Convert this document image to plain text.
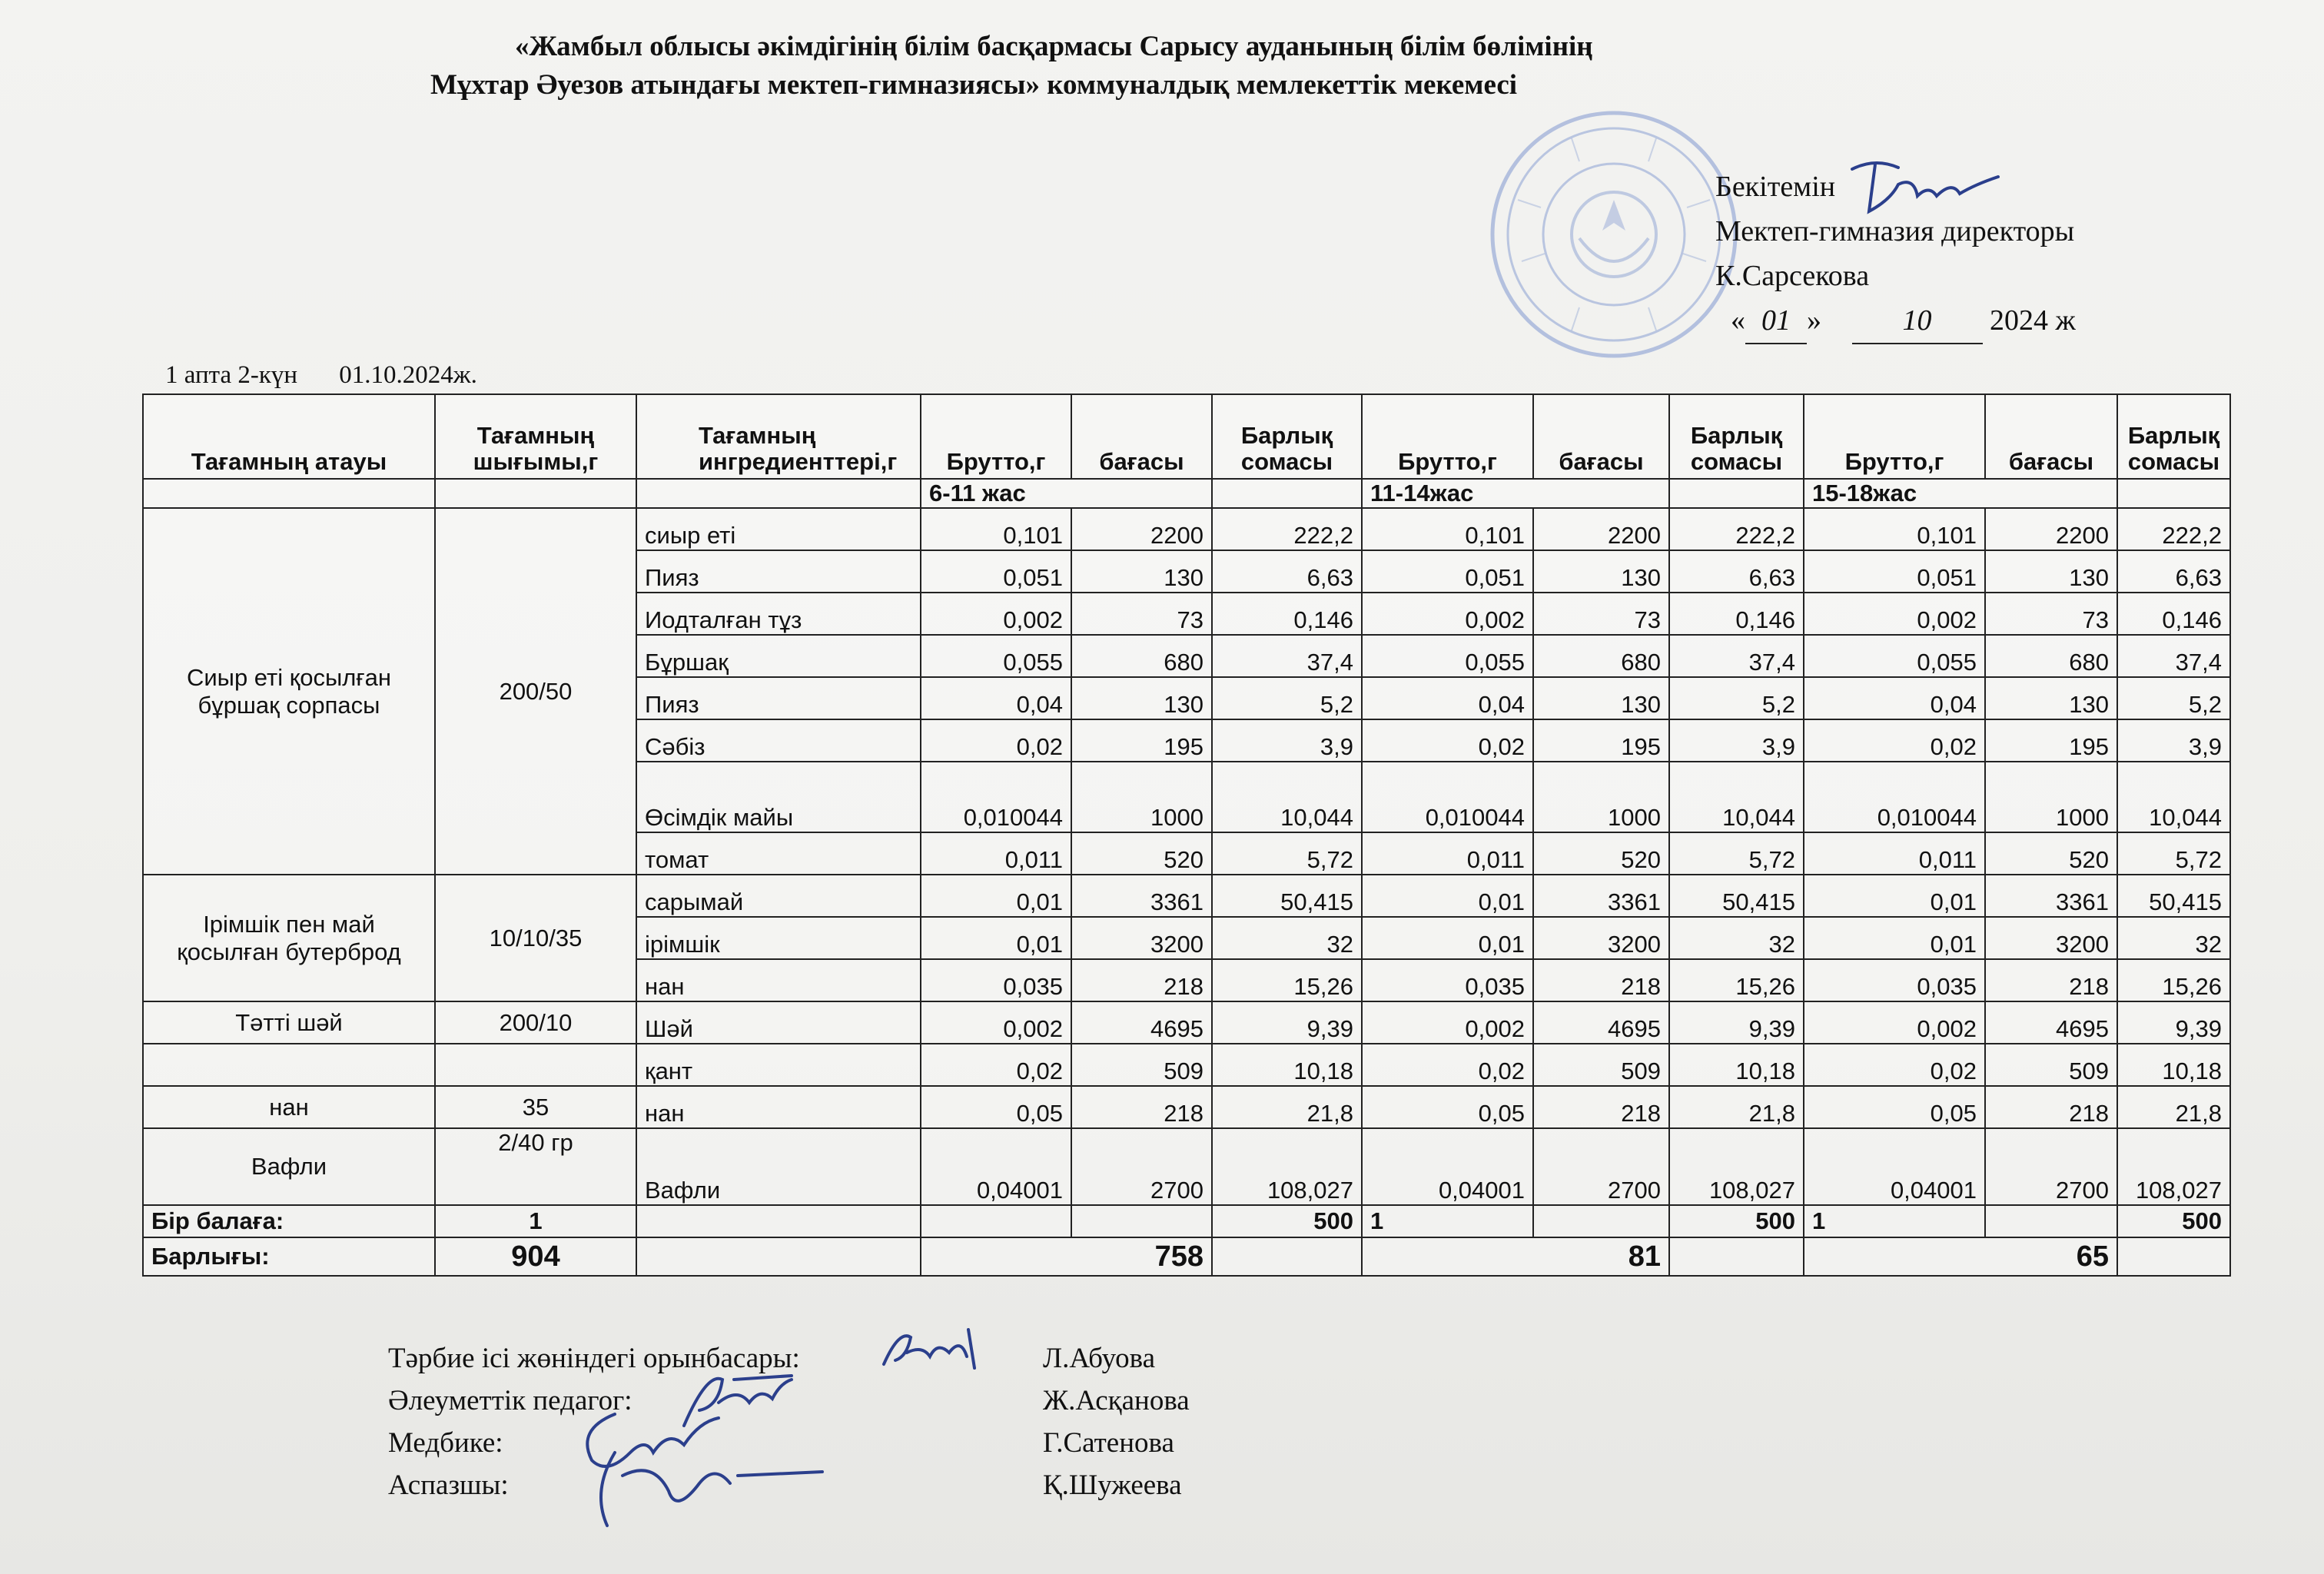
«Жамбыл облысы әкімдігінің білім басқармасы Сарысу ауданының білім бөлімінің
Мұхтар Әуезов атындағы мектеп-гимназиясы» коммуналдық мемлекеттік мекемесі
Бекітемін
Мектеп-гимназия директоры
К.Сарсекова
« 01 »	10 2024 ж
1 апта 2-күн 01.10.2024ж.
Тағамның атауы	Тағамның шығымы,г	Тағамның ингредиенттері,г	Брутто,г	бағасы	Барлық сомасы	Брутто,г	бағасы	Барлық сомасы	Брутто,г	бағасы	Барлық сомасы
			6-11 жас			11-14жас			15-18жас		
Сиыр еті қосылған бұршақ сорпасы	200/50	сиыр еті	0,101	2200	222,2	0,101	2200	222,2	0,101	2200	222,2
		Пияз	0,051	130	6,63	0,051	130	6,63	0,051	130	6,63
		Иодталған тұз	0,002	73	0,146	0,002	73	0,146	0,002	73	0,146
		Бұршақ	0,055	680	37,4	0,055	680	37,4	0,055	680	37,4
		Пияз	0,04	130	5,2	0,04	130	5,2	0,04	130	5,2
		Сәбіз	0,02	195	3,9	0,02	195	3,9	0,02	195	3,9
		Өсімдік майы	0,010044	1000	10,044	0,010044	1000	10,044	0,010044	1000	10,044
		томат	0,011	520	5,72	0,011	520	5,72	0,011	520	5,72
Ірімшік пен май қосылған бутерброд	10/10/35	сарымай	0,01	3361	50,415	0,01	3361	50,415	0,01	3361	50,415
		ірімшік	0,01	3200	32	0,01	3200	32	0,01	3200	32
		нан	0,035	218	15,26	0,035	218	15,26	0,035	218	15,26
Тәтті шәй	200/10	Шәй	0,002	4695	9,39	0,002	4695	9,39	0,002	4695	9,39
		қант	0,02	509	10,18	0,02	509	10,18	0,02	509	10,18
нан	35	нан	0,05	218	21,8	0,05	218	21,8	0,05	218	21,8
Вафли	2/40 гр	Вафли	0,04001	2700	108,027	0,04001	2700	108,027	0,04001	2700	108,027
Бір балаға:	1				500	1		500	1		500
Барлығы:	904		758			81			65		
Тәрбие ісі жөніндегі орынбасары:	Л.Абуова
Әлеуметтік педагог:	Ж.Асқанова
Медбике:	Г.Сатенова
Аспазшы:	Қ.Шужеева
